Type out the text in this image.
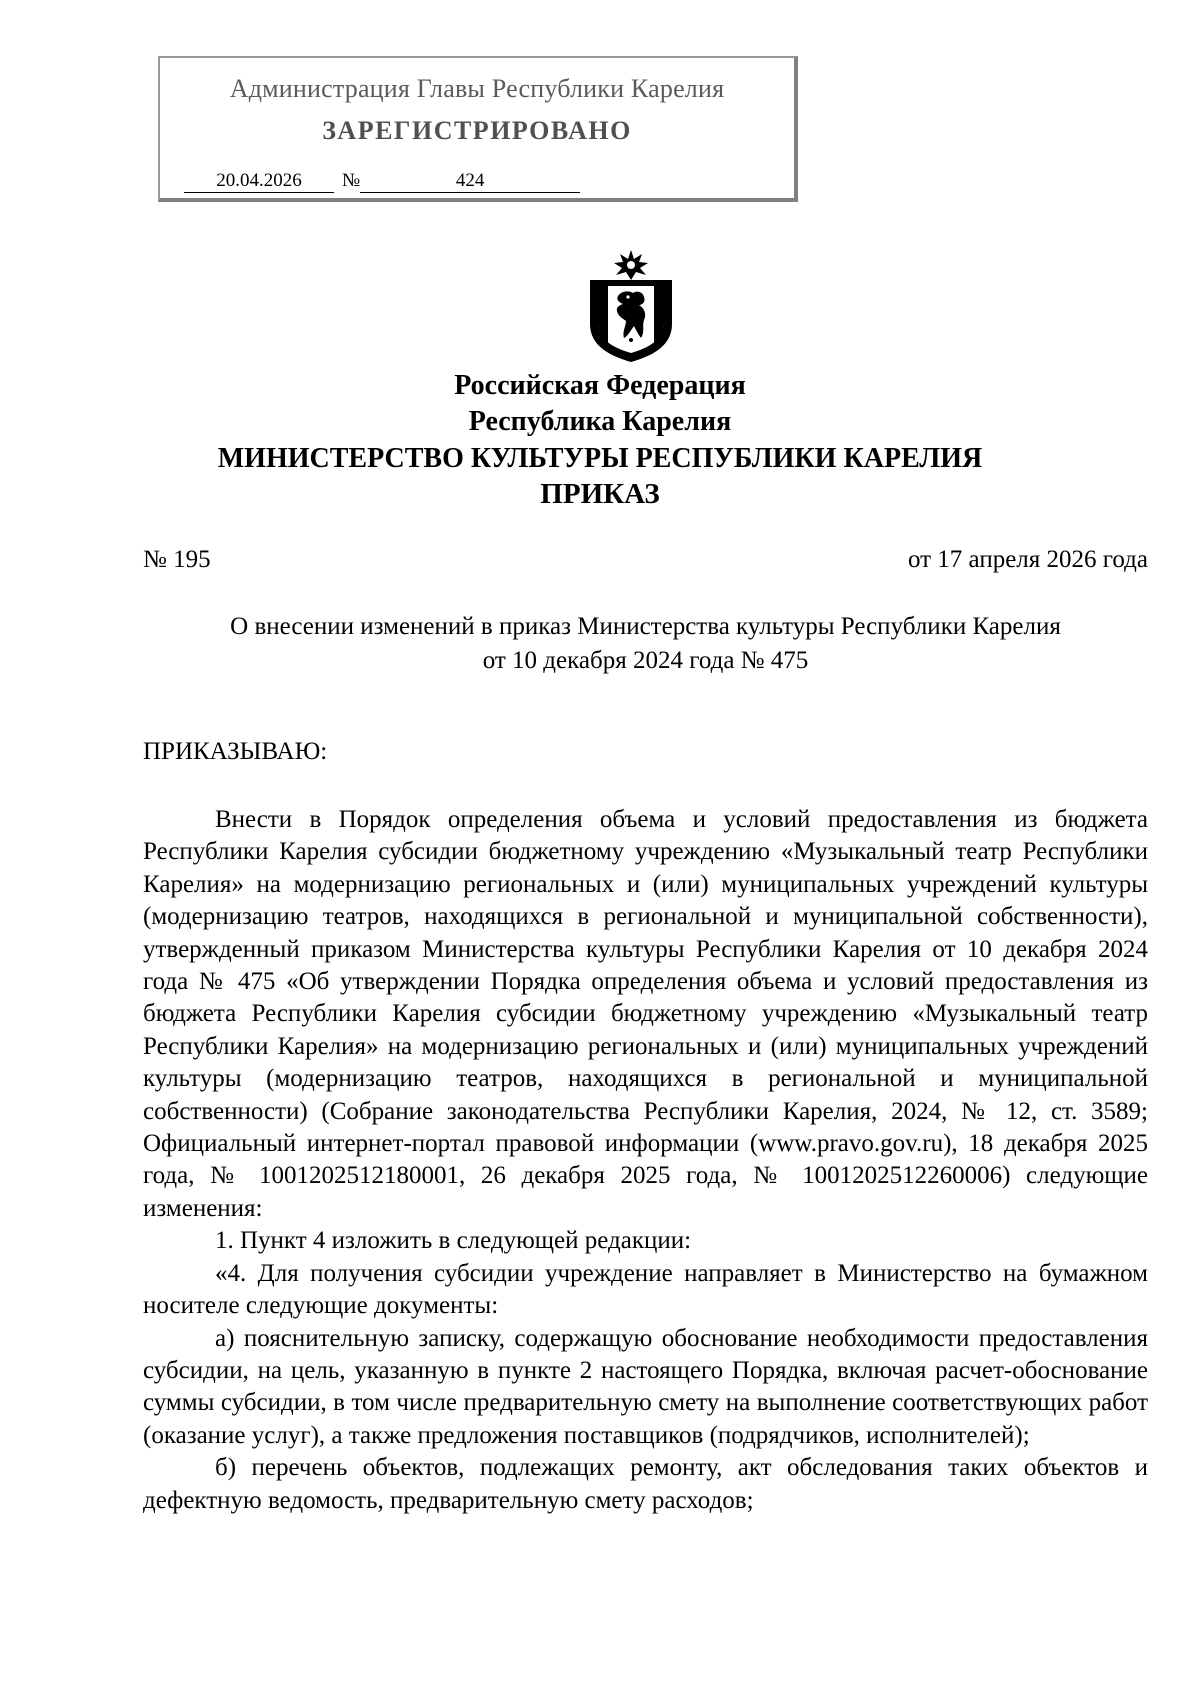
Администрация Главы Республики Карелия
ЗАРЕГИСТРИРОВАНО
20.04.2026 №	424
Российская Федерация
Республика Карелия
МИНИСТЕРСТВО КУЛЬТУРЫ РЕСПУБЛИКИ КАРЕЛИЯ
ПРИКАЗ
№ 195	от 17 апреля 2026 года
О внесении изменений в приказ Министерства культуры Республики Карелия
от 10 декабря 2024 года № 475
ПРИКАЗЫВАЮ:

Внести в Порядок определения объема и условий предоставления из бюджета Республики Карелия субсидии бюджетному учреждению «Музыкальный театр Республики Карелия» на модернизацию региональных и (или) муниципальных учреждений культуры (модернизацию театров, находящихся в региональной и муниципальной собственности), утвержденный приказом Министерства культуры Республики Карелия от 10 декабря 2024 года № 475 «Об утверждении Порядка определения объема и условий предоставления из бюджета Республики Карелия субсидии бюджетному учреждению «Музыкальный театр Республики Карелия» на модернизацию региональных и (или) муниципальных учреждений культуры (модернизацию театров, находящихся в региональной и муниципальной собственности) (Собрание законодательства Республики Карелия, 2024, № 12, ст. 3589; Официальный интернет-портал правовой информации (www.pravo.gov.ru), 18 декабря 2025 года, № 1001202512180001, 26 декабря 2025 года, № 1001202512260006) следующие изменения:

1. Пункт 4 изложить в следующей редакции:

«4. Для получения субсидии учреждение направляет в Министерство на бумажном носителе следующие документы:

а) пояснительную записку, содержащую обоснование необходимости предоставления субсидии, на цель, указанную в пункте 2 настоящего Порядка, включая расчет-обоснование суммы субсидии, в том числе предварительную смету на выполнение соответствующих работ (оказание услуг), а также предложения поставщиков (подрядчиков, исполнителей);

б) перечень объектов, подлежащих ремонту, акт обследования таких объектов и дефектную ведомость, предварительную смету расходов;
